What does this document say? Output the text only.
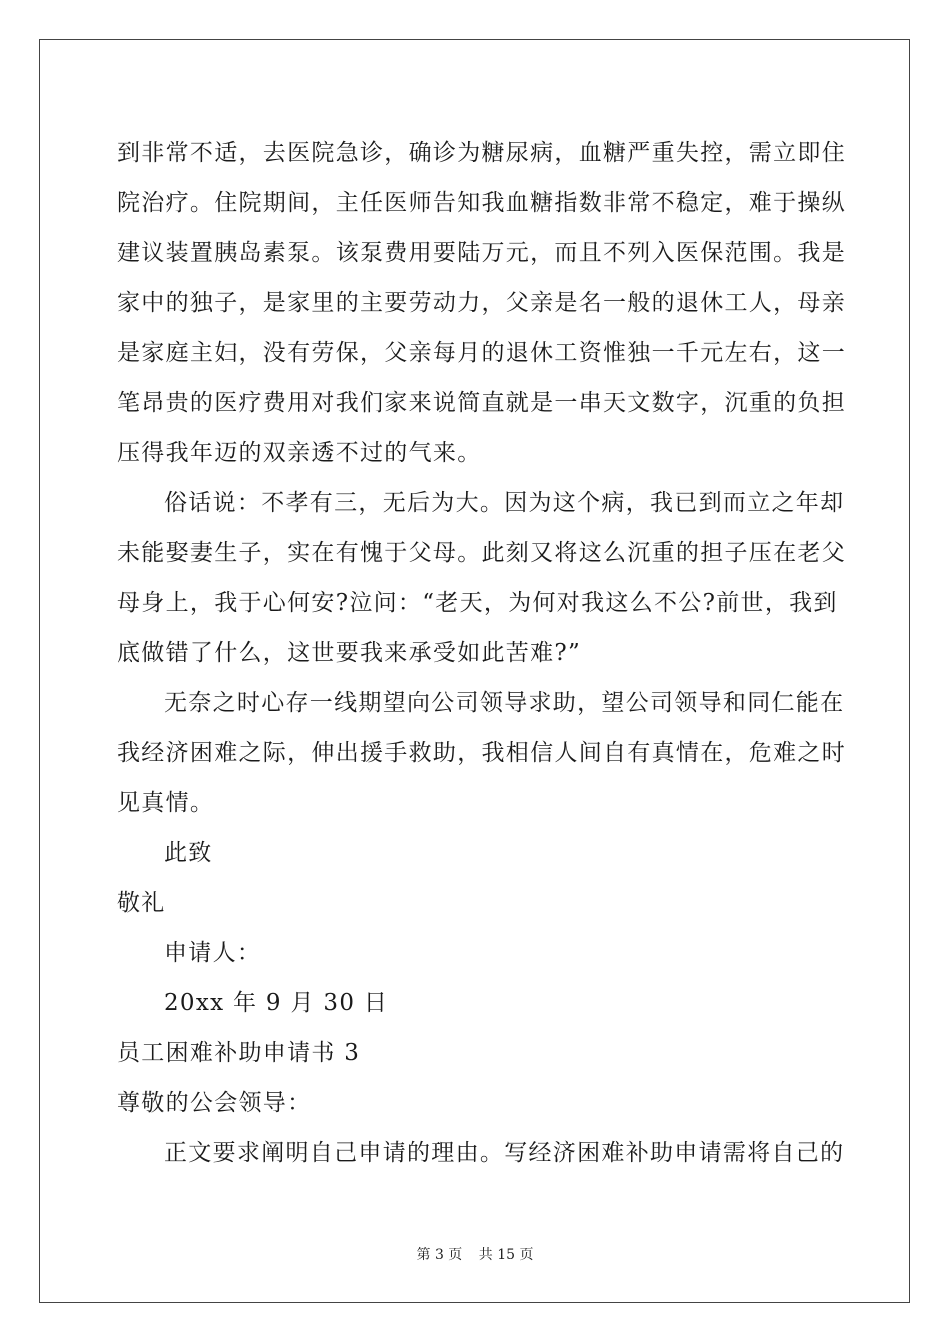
到非常不适，去医院急诊，确诊为糖尿病，血糖严重失控，需立即住
院治疗。住院期间，主任医师告知我血糖指数非常不稳定，难于操纵
建议装置胰岛素泵。该泵费用要陆万元，而且不列入医保范围。我是
家中的独子，是家里的主要劳动力，父亲是名一般的退休工人，母亲
是家庭主妇，没有劳保，父亲每月的退休工资惟独一千元左右，这一
笔昂贵的医疗费用对我们家来说简直就是一串天文数字，沉重的负担
压得我年迈的双亲透不过的气来。
俗话说：不孝有三，无后为大。因为这个病，我已到而立之年却
未能娶妻生子，实在有愧于父母。此刻又将这么沉重的担子压在老父
母身上，我于心何安?泣问：“老天，为何对我这么不公?前世，我到
底做错了什么，这世要我来承受如此苦难?”
无奈之时心存一线期望向公司领导求助，望公司领导和同仁能在
我经济困难之际，伸出援手救助，我相信人间自有真情在，危难之时
见真情。
此致
敬礼
申请人：
20xx 年 9 月 30 日
员工困难补助申请书 3
尊敬的公会领导：
正文要求阐明自己申请的理由。写经济困难补助申请需将自己的
第 3 页 共 15 页
